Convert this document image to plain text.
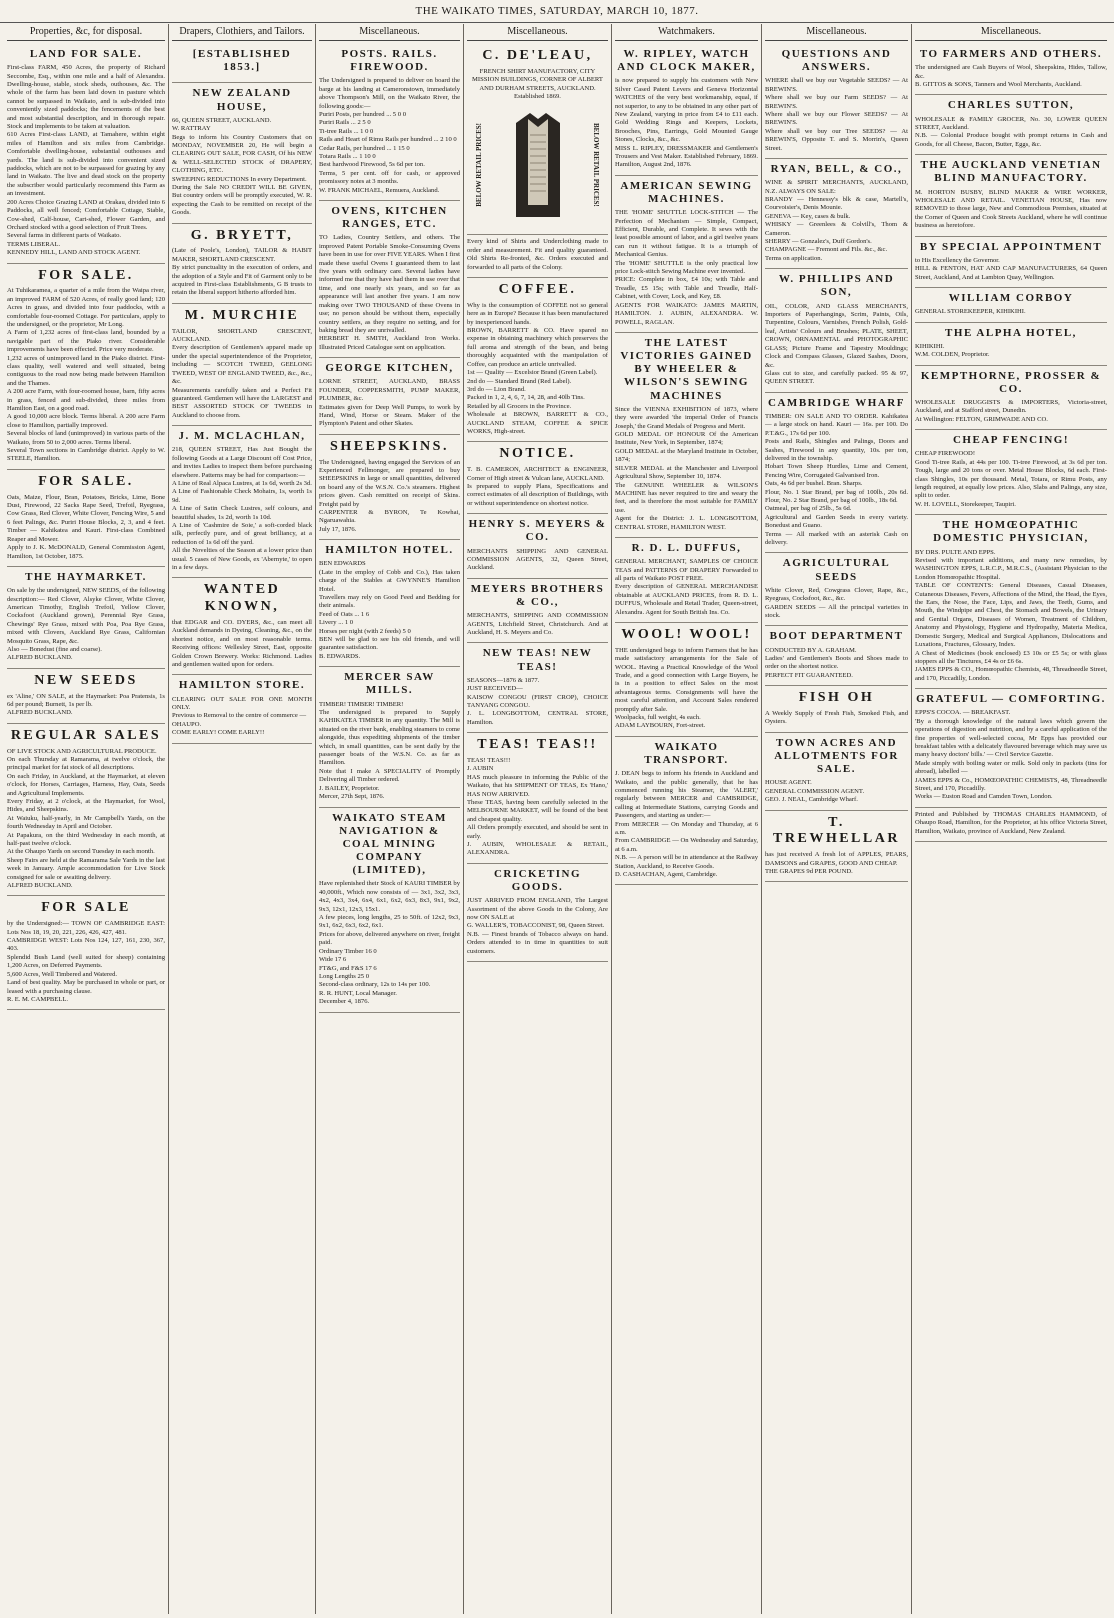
THE WAIKATO TIMES, SATURDAY, MARCH 10, 1877.
Properties, &c, for disposal.
LAND FOR SALE.
First-class FARM, 450 Acres, the property of Richard Seccombe, Esq., within one mile and a half of Alexandra. Dwelling-house, stable, stock sheds, outhouses, &c. The whole of the farm has been laid down in pasture which cannot be surpassed in Waikato, and is sub-divided into conveniently sized paddocks; the fencements of the best and most substantial description, and in thorough repair. Stock and implements to be taken at valuation.
610 Acres First-class LAND, at Tamahere, within eight miles of Hamilton and six miles from Cambridge. Comfortable dwelling-house, substantial outhouses and yards. The land is sub-divided into convenient sized paddocks, which are not to be surpassed for grazing by any land in Waikato. The live and dead stock on the property the subscriber would particularly recommend this Farm as an investment.
200 Acres Choice Grazing LAND at Orakau, divided into 6 Paddocks, all well fenced; Comfortable Cottage, Stable, Cow-shed, Calf-house, Cart-shed, Flower Garden, and Orchard stocked with a good selection of Fruit Trees.
Several farms in different parts of Waikato.
TERMS LIBERAL.
KENNEDY HILL, LAND AND STOCK AGENT.
FOR SALE.
At Tuhikaramea, a quarter of a mile from the Waipa river, an improved FARM of 520 Acres, of really good land; 120 Acres in grass, and divided into four paddocks, with a comfortable four-roomed Cottage. For particulars, apply to the undersigned, or the proprietor, Mr Long.
A Farm of 1,232 acres of first-class land, bounded by a navigable part of the Piako river. Considerable improvements have been effected. Price very moderate.
1,232 acres of unimproved land in the Piako district. First-class quality, well watered and well situated, being contiguous to the road now being made between Hamilton and the Thames.
A 200 acre Farm, with four-roomed house, barn, fifty acres in grass, fenced and sub-divided, three miles from Hamilton East, on a good road.
A good 10,000 acre block. Terms liberal. A 200 acre Farm close to Hamilton, partially improved.
Several blocks of land (unimproved) in various parts of the Waikato, from 50 to 2,000 acres. Terms liberal.
Several Town sections in Cambridge district. Apply to W. STEELE, Hamilton.
FOR SALE.
Oats, Maize, Flour, Bran, Potatoes, Bricks, Lime, Bone Dust, Firewood, 22 Sacks Rape Seed, Trefoil, Ryegrass, Cow Grass, Red Clover, White Clover, Fencing Wire, 5 and 6 feet Palings, &c. Puriri House Blocks, 2, 3, and 4 feet. Timber — Kahikatea and Kauri. First-class Combined Reaper and Mower.
Apply to J. K. McDONALD, General Commission Agent, Hamilton, 1st October, 1875.
THE HAYMARKET.
On sale by the undersigned, NEW SEEDS, of the following description:— Red Clover, Alsyke Clover, White Clover, American Timothy, English Trefoil, Yellow Clover, Cocksfoot (Auckland grown), Perennial Rye Grass, Chewings' Rye Grass, mixed with Poa, Poa Rye Grass, mixed with Clovers, Auckland Rye Grass, Californian Mosquito Grass, Rape, &c.
Also — Bonedust (fine and coarse).
ALFRED BUCKLAND.
NEW SEEDS
ex 'Aline,' ON SALE, at the Haymarket: Poa Pratensis, 1s 6d per pound; Burnett, 1s per lb.
ALFRED BUCKLAND.
REGULAR SALES
OF LIVE STOCK AND AGRICULTURAL PRODUCE.
On each Thursday at Ramarama, at twelve o'clock, the principal market for fat stock of all descriptions.
On each Friday, in Auckland, at the Haymarket, at eleven o'clock, for Horses, Carriages, Harness, Hay, Oats, Seeds and Agricultural Implements.
Every Friday, at 2 o'clock, at the Haymarket, for Wool, Hides, and Sheepskins.
At Waiuku, half-yearly, in Mr Campbell's Yards, on the fourth Wednesday in April and October.
At Papakura, on the third Wednesday in each month, at half-past twelve o'clock.
At the Ohaupo Yards on second Tuesday in each month.
Sheep Fairs are held at the Ramarama Sale Yards in the last week in January. Ample accommodation for Live Stock consigned for sale or awaiting delivery.
ALFRED BUCKLAND.
FOR SALE
by the Undersigned:— TOWN OF CAMBRIDGE EAST: Lots Nos 18, 19, 20, 221, 226, 426, 427, 481.
CAMBRIDGE WEST: Lots Nos 124, 127, 161, 230, 367, 403.
Splendid Bush Land (well suited for sheep) containing 1,200 Acres, on Deferred Payments.
5,600 Acres, Well Timbered and Watered.
Land of best quality. May be purchased in whole or part, or leased with a purchasing clause.
R. E. M. CAMPBELL.
Drapers, Clothiers, and Tailors.
[ESTABLISHED 1853.]
NEW ZEALAND HOUSE,
66, QUEEN STREET, AUCKLAND.
W. RATTRAY
Begs to inform his Country Customers that on MONDAY, NOVEMBER 20, He will begin a CLEARING OUT SALE, FOR CASH, Of his NEW & WELL-SELECTED STOCK of DRAPERY, CLOTHING, ETC.
SWEEPING REDUCTIONS In every Department.
During the Sale NO CREDIT WILL BE GIVEN, But country orders will be promptly executed, W. R. expecting the Cash to be remitted on receipt of the Goods.
G. BRYETT,
(Late of Poole's, London), TAILOR & HABIT MAKER, SHORTLAND CRESCENT.
By strict punctuality in the execution of orders, and the adoption of a Style and Fit of Garment only to be acquired in First-class Establishments, G B trusts to retain the liberal support hitherto afforded him.
M. MURCHIE
TAILOR, SHORTLAND CRESCENT, AUCKLAND.
Every description of Gentlemen's apparel made up under the special superintendence of the Proprietor, including — SCOTCH TWEED, GEELONG TWEED, WEST OF ENGLAND TWEED, &c., &c., &c.
Measurements carefully taken and a Perfect Fit guaranteed. Gentlemen will have the LARGEST and BEST ASSORTED STOCK OF TWEEDS in Auckland to choose from.
J. M. MCLACHLAN,
218, QUEEN STREET, Has Just Bought the following Goods at a Large Discount off Cost Price, and invites Ladies to inspect them before purchasing elsewhere. Patterns may be had for comparison:—
A Line of Real Alpaca Lustres, at 1s 6d, worth 2s 3d.
A Line of Fashionable Check Mohairs, 1s, worth 1s 9d.
A Line of Satin Check Lustres, self colours, and beautiful shades, 1s 2d, worth 1s 10d.
A Line of 'Cashmire de Soie,' a soft-corded black silk, perfectly pure, and of great brilliancy, at a reduction of 1s 6d off the yard.
All the Novelties of the Season at a lower price than usual. 5 cases of New Goods, ex 'Abernyte,' to open in a few days.
WANTED KNOWN,
that EDGAR and CO. DYERS, &c., can meet all Auckland demands in Dyeing, Cleaning, &c., on the shortest notice, and on most reasonable terms. Receiving offices: Wellesley Street, East, opposite Golden Crown Brewery. Works: Richmond. Ladies and gentlemen waited upon for orders.
HAMILTON STORE.
CLEARING OUT SALE FOR ONE MONTH ONLY.
Previous to Removal to the centre of commerce —
OHAUPO.
COME EARLY! COME EARLY!!
Miscellaneous.
POSTS. RAILS. FIREWOOD.
The Undersigned is prepared to deliver on board the barge at his landing at Cameronstown, immediately above Thompson's Mill, on the Waikato River, the following goods:—
Puriri Posts, per hundred ... 5 0 0
Puriri Rails ... 2 5 0
Ti-tree Rails ... 1 0 0
Rails and Heart of Rimu Rails per hundred ... 2 10 0
Cedar Rails, per hundred ... 1 15 0
Totara Rails ... 1 10 0
Best hardwood Firewood, 5s 6d per ton.
Terms, 5 per cent. off for cash, or approved promissory notes at 3 months.
W. FRANK MICHAEL, Remuera, Auckland.
OVENS, KITCHEN RANGES, ETC.
TO Ladies, Country Settlers, and others. The improved Patent Portable Smoke-Consuming Ovens have been in use for over FIVE YEARS. When I first made these useful Ovens I guaranteed them to last five years with ordinary care. Several ladies have informed me that they have had them in use over that time, and one nearly six years, and so far as appearance will last another five years. I am now making over TWO THOUSAND of these Ovens in use; no person should be without them, especially country settlers, as they require no setting, and for baking bread they are unrivalled.
HERBERT H. SMITH, Auckland Iron Works. Illustrated Priced Catalogue sent on application.
GEORGE KITCHEN,
LORNE STREET, AUCKLAND, BRASS FOUNDER, COPPERSMITH, PUMP MAKER, PLUMBER, &c.
Estimates given for Deep Well Pumps, to work by Hand, Wind, Horse or Steam. Maker of the Plympton's Patent and other Skates.
SHEEPSKINS.
The Undersigned, having engaged the Services of an Experienced Fellmonger, are prepared to buy SHEEPSKINS in large or small quantities, delivered on board any of the W.S.N. Co.'s steamers. Highest prices given. Cash remitted on receipt of Skins. Freight paid by
CARPENTER & BYRON, Te Kowhai, Ngaruawahia.
July 17, 1876.
HAMILTON HOTEL.
BEN EDWARDS
(Late in the employ of Cobb and Co.), Has taken charge of the Stables at GWYNNE'S Hamilton Hotel.
Travellers may rely on Good Feed and Bedding for their animals.
Feed of Oats ... 1 6
Livery ... 1 0
Horses per night (with 2 feeds) 5 0
BEN will be glad to see his old friends, and will guarantee satisfaction.
B. EDWARDS.
MERCER SAW MILLS.
TIMBER! TIMBER! TIMBER!
The undersigned is prepared to Supply KAHIKATEA TIMBER in any quantity. The Mill is situated on the river bank, enabling steamers to come alongside, thus expediting shipments of the timber which, in small quantities, can be sent daily by the passenger boats of the W.S.N. Co. as far as Hamilton.
Note that I make A SPECIALITY of Promptly Delivering all Timber ordered.
J. BAILEY, Proprietor.
Mercer, 27th Sept, 1876.
WAIKATO STEAM NAVIGATION & COAL MINING COMPANY (LIMITED),
Have replenished their Stock of KAURI TIMBER by 40,000ft., Which now consists of — 3x1, 3x2, 3x3, 4x2, 4x3, 3x4, 6x4, 6x1, 6x2, 6x3, 8x3, 9x1, 9x2, 9x3, 12x1, 12x3, 15x1.
A few pieces, long lengths, 25 to 50ft. of 12x2, 9x3, 9x1, 6x2, 6x3, 6x2, 6x1.
Prices for above, delivered anywhere on river, freight paid.
Ordinary Timber 16 0
Wide 17 6
FT&G, and F&S 17 6
Long Lengths 25 0
Second-class ordinary, 12s to 14s per 100.
R. R. HUNT, Local Manager.
December 4, 1876.
Miscellaneous.
C. DE'LEAU,
FRENCH SHIRT MANUFACTORY, CITY MISSION BUILDINGS, CORNER OF ALBERT AND DURHAM STREETS, AUCKLAND. Established 1869.
BELOW RETAIL PRICES!	BELOW RETAIL PRICES!
Every kind of Shirts and Underclothing made to order and measurement. Fit and quality guaranteed. Old Shirts Re-fronted, &c. Orders executed and forwarded to all parts of the Colony.
COFFEE.
Why is the consumption of COFFEE not so general here as in Europe? Because it has been manufactured by inexperienced hands.
BROWN, BARRETT & CO. Have spared no expense in obtaining machinery which preserves the full aroma and strength of the bean, and being thoroughly acquainted with the manipulation of Coffee, can produce an article unrivalled.
1st — Quality — Excelsior Brand (Green Label).
2nd do — Standard Brand (Red Label).
3rd do — Lion Brand.
Packed in 1, 2, 4, 6, 7, 14, 28, and 40lb Tins.
Retailed by all Grocers in the Province.
Wholesale at BROWN, BARRETT & CO., AUCKLAND STEAM, COFFEE & SPICE WORKS, High-street.
NOTICE.
T. B. CAMERON, ARCHITECT & ENGINEER, Corner of High street & Vulcan lane, AUCKLAND.
Is prepared to supply Plans, Specifications and correct estimates of all description of Buildings, with or without superintendence on shortest notice.
HENRY S. MEYERS & CO.
MERCHANTS SHIPPING AND GENERAL COMMISSION AGENTS, 32, Queen Street, Auckland.
MEYERS BROTHERS & CO.,
MERCHANTS, SHIPPING AND COMMISSION AGENTS, Litchfield Street, Christchurch. And at Auckland, H. S. Meyers and Co.
NEW TEAS! NEW TEAS!
SEASONS—1876 & 1877.
JUST RECEIVED—
KAISOW CONGOU (FIRST CROP), CHOICE TANYANG CONGOU.
J. L. LONGBOTTOM, CENTRAL STORE, Hamilton.
TEAS! TEAS!!
TEAS! TEAS!!!
J. AUBIN
HAS much pleasure in informing the Public of the Waikato, that his SHIPMENT OF TEAS, Ex 'Hano,' HAS NOW ARRIVED.
These TEAS, having been carefully selected in the MELBOURNE MARKET, will be found of the best and cheapest quality.
All Orders promptly executed, and should be sent in early.
J. AUBIN, WHOLESALE & RETAIL, ALEXANDRA.
CRICKETING GOODS.
JUST ARRIVED FROM ENGLAND, The Largest Assortment of the above Goods in the Colony, Are now ON SALE at
G. WALLER'S, TOBACCONIST, 98, Queen Street.
N.B. — Finest brands of Tobacco always on hand. Orders attended to in time in quantities to suit customers.
Watchmakers.
W. RIPLEY, WATCH AND CLOCK MAKER,
is now prepared to supply his customers with New Silver Cased Patent Levers and Geneva Horizontal WATCHES of the very best workmanship, equal, if not superior, to any to be obtained in any other part of New Zealand, varying in price from £4 to £11 each. Gold Wedding Rings and Keepers, Lockets, Brooches, Pins, Earrings, Gold Mounted Gauge Stones, Clocks, &c., &c.
MISS L. RIPLEY, DRESSMAKER and Gentlemen's Trousers and Vest Maker. Established February, 1869. Hamilton, August 2nd, 1876.
AMERICAN SEWING MACHINES.
THE 'HOME' SHUTTLE LOCK-STITCH — The Perfection of Mechanism — Simple, Compact, Efficient, Durable, and Complete. It sews with the least possible amount of labor, and a girl twelve years can run it without fatigue. It is a triumph of Mechanical Genius.
The 'HOME' SHUTTLE is the only practical low price Lock-stitch Sewing Machine ever invented.
PRICE: Complete in box, £4 10s; with Table and Treadle, £5 15s; with Table and Treadle, Half-Cabinet, with Cover, Lock, and Key, £8.
AGENTS FOR WAIKATO: JAMES MARTIN, HAMILTON. J. AUBIN, ALEXANDRA. W. POWELL, RAGLAN.
THE LATEST VICTORIES GAINED BY WHEELER & WILSON'S SEWING MACHINES
Since the VIENNA EXHIBITION of 1873, where they were awarded 'the imperial Order of Francis Joseph,' the Grand Medals of Progress and Merit.
GOLD MEDAL OF HONOUR Of the American Institute, New York, in September, 1874;
GOLD MEDAL at the Maryland Institute in October, 1874;
SILVER MEDAL at the Manchester and Liverpool Agricultural Show, September 10, 1874.
The GENUINE WHEELER & WILSON'S MACHINE has never required to tire and weary the feet, and is therefore the most suitable for FAMILY use.
Agent for the District: J. L. LONGBOTTOM, CENTRAL STORE, HAMILTON WEST.
R. D. L. DUFFUS,
GENERAL MERCHANT, SAMPLES OF CHOICE TEAS and PATTERNS OF DRAPERY Forwarded to all parts of Waikato POST FREE.
Every description of GENERAL MERCHANDISE obtainable at AUCKLAND PRICES, from R. D. L. DUFFUS, Wholesale and Retail Trader, Queen-street, Alexandra. Agent for South British Ins. Co.
WOOL! WOOL!
THE undersigned begs to inform Farmers that he has made satisfactory arrangements for the Sale of WOOL. Having a Practical Knowledge of the Wool Trade, and a good connection with Large Buyers, he is in a position to effect Sales on the most advantageous terms. Consignments will have the most careful attention, and Account Sales rendered promptly after Sale.
Woolpacks, full weight, 4s each.
ADAM LAYBOURN, Fort-street.
WAIKATO TRANSPORT.
J. DEAN begs to inform his friends in Auckland and Waikato, and the public generally, that he has commenced running his Steamer, the 'ALERT,' regularly between MERCER and CAMBRIDGE, calling at Intermediate Stations, carrying Goods and Passengers, and starting as under:—
From MERCER — On Monday and Thursday, at 6 a.m.
From CAMBRIDGE — On Wednesday and Saturday, at 6 a.m.
N.B. — A person will be in attendance at the Railway Station, Auckland, to Receive Goods.
D. CASHACHAN, Agent, Cambridge.
Miscellaneous.
QUESTIONS AND ANSWERS.
WHERE shall we buy our Vegetable SEEDS? — At BREWIN'S.
Where shall we buy our Farm SEEDS? — At BREWIN'S.
Where shall we buy our Flower SEEDS? — At BREWIN'S.
Where shall we buy our Tree SEEDS? — At BREWIN'S, Opposite T. and S. Morrin's, Queen Street.
RYAN, BELL, & CO.,
WINE & SPIRIT MERCHANTS, AUCKLAND, N.Z. ALWAYS ON SALE:
BRANDY — Hennessy's blk & case, Martell's, Courvoisier's, Denis Mounie.
GENEVA — Key, cases & bulk.
WHISKY — Greenlees & Colvill's, Thom & Cameron.
SHERRY — Gonzalez's, Duff Gordon's.
CHAMPAGNE — Fremont and Fils. &c., &c.
Terms on application.
W. PHILLIPS AND SON,
OIL, COLOR, AND GLASS MERCHANTS, Importers of Paperhangings, Scrim, Paints, Oils, Turpentine, Colours, Varnishes, French Polish, Gold-leaf, Artists' Colours and Brushes; PLATE, SHEET, CROWN, ORNAMENTAL and PHOTOGRAPHIC GLASS; Picture Frame and Tapestry Mouldings; Clock and Compass Glasses, Glazed Sashes, Doors, &c.
Glass cut to size, and carefully packed. 95 & 97, QUEEN STREET.
CAMBRIDGE WHARF
TIMBER: ON SALE AND TO ORDER. Kahikatea — a large stock on hand. Kauri — 16s. per 100. Do P.T.&G., 17s 6d per 100.
Posts and Rails, Shingles and Palings, Doors and Sashes, Firewood in any quantity, 10s. per ton, delivered in the township.
Hobart Town Sheep Hurdles, Lime and Cement, Fencing Wire, Corrugated Galvanised Iron.
Oats, 4s 6d per bushel. Bran. Sharps.
Flour, No. 1 Star Brand, per bag of 100lb., 20s 6d. Flour, No. 2 Star Brand, per bag of 100lb., 18s 6d.
Oatmeal, per bag of 25lb., 5s 6d.
Agricultural and Garden Seeds in every variety. Bonedust and Guano.
Terms — All marked with an asterisk Cash on delivery.
AGRICULTURAL SEEDS
White Clover, Red, Cowgrass Clover, Rape, &c., Ryegrass, Cocksfoot, &c., &c.
GARDEN SEEDS — All the principal varieties in stock.
BOOT DEPARTMENT
CONDUCTED BY A. GRAHAM.
Ladies' and Gentlemen's Boots and Shoes made to order on the shortest notice.
PERFECT FIT GUARANTEED.
FISH OH
A Weekly Supply of Fresh Fish, Smoked Fish, and Oysters.
TOWN ACRES AND ALLOTMENTS FOR SALE.
HOUSE AGENT.
GENERAL COMMISSION AGENT.
GEO. J. NEAL, Cambridge Wharf.
T. TREWHELLAR
has just received A fresh lot of APPLES, PEARS, DAMSONS and GRAPES, GOOD AND CHEAP.
THE GRAPES 9d PER POUND.
Miscellaneous.
TO FARMERS AND OTHERS.
The undersigned are Cash Buyers of Wool, Sheepskins, Hides, Tallow, &c.
B. GITTOS & SONS, Tanners and Wool Merchants, Auckland.
CHARLES SUTTON,
WHOLESALE & FAMILY GROCER, No. 30, LOWER QUEEN STREET, Auckland.
N.B. — Colonial Produce bought with prompt returns in Cash and Goods, for all Cheese, Bacon, Butter, Eggs, &c.
THE AUCKLAND VENETIAN BLIND MANUFACTORY.
M. HORTON BUSBY, BLIND MAKER & WIRE WORKER, WHOLESALE AND RETAIL. VENETIAN HOUSE, Has now REMOVED to those large, New and Commodious Premises, situated at the Corner of Queen and Cook Streets Auckland, where he will continue business as heretofore.
BY SPECIAL APPOINTMENT
to His Excellency the Governor.
HILL & FENTON, HAT AND CAP MANUFACTURERS, 64 Queen Street, Auckland, And at Lambton Quay, Wellington.
WILLIAM CORBOY
GENERAL STOREKEEPER, KIHIKIHI.
THE ALPHA HOTEL,
KIHIKIHI.
W.M. COLDEN, Proprietor.
KEMPTHORNE, PROSSER & CO.
WHOLESALE DRUGGISTS & IMPORTERS, Victoria-street, Auckland, and at Stafford street, Dunedin.
At Wellington: FELTON, GRIMWADE AND CO.
CHEAP FENCING!
CHEAP FIREWOOD!
Good Ti-tree Rails, at 44s per 100. Ti-tree Firewood, at 3s 6d per ton. Tough, large and 20 tons or over. Metal House Blocks, 6d each. First-class Shingles, 10s per thousand. Metal, Totara, or Rimu Posts, any length required, at equally low prices. Also, Slabs and Palings, any size, split to order.
W. H. LOVELL, Storekeeper, Taupiri.
THE HOMŒOPATHIC DOMESTIC PHYSICIAN,
BY DRS. PULTE AND EPPS.
Revised with important additions, and many new remedies, by WASHINGTON EPPS, L.R.C.P., M.R.C.S., (Assistant Physician to the London Homœopathic Hospital.
TABLE OF CONTENTS: General Diseases, Casual Diseases, Cutaneous Diseases, Fevers, Affections of the Mind, the Head, the Eyes, the Ears, the Nose, the Face, Lips, and Jaws, the Teeth, Gums, and Mouth, the Windpipe and Chest, the Stomach and Bowels, the Urinary and Genital Organs, Diseases of Women, Treatment of Children, Anatomy and Physiology, Hygiene and Hydropathy, Materia Medica, Domestic Surgery, Medical and Surgical Appliances, Dislocations and Luxations, Fractures, Glossary, Index.
A Chest of Medicines (book enclosed) £3 10s or £5 5s; or with glass stoppers all the Tinctures, £4 4s or £6 6s.
JAMES EPPS & CO., Homœopathic Chemists, 48, Threadneedle Street, and 170, Piccadilly, London.
GRATEFUL — COMFORTING.
EPPS'S COCOA. — BREAKFAST.
'By a thorough knowledge of the natural laws which govern the operations of digestion and nutrition, and by a careful application of the fine properties of well-selected cocoa, Mr Epps has provided our breakfast tables with a delicately flavoured beverage which may save us many heavy doctors' bills.' — Civil Service Gazette.
Made simply with boiling water or milk. Sold only in packets (tins for abroad), labelled —
JAMES EPPS & Co., HOMŒOPATHIC CHEMISTS, 48, Threadneedle Street, and 170, Piccadilly.
Works — Euston Road and Camden Town, London.
Printed and Published by THOMAS CHARLES HAMMOND, of Ohaupo Road, Hamilton, for the Proprietor, at his office Victoria Street, Hamilton, Waikato, province of Auckland, New Zealand.
